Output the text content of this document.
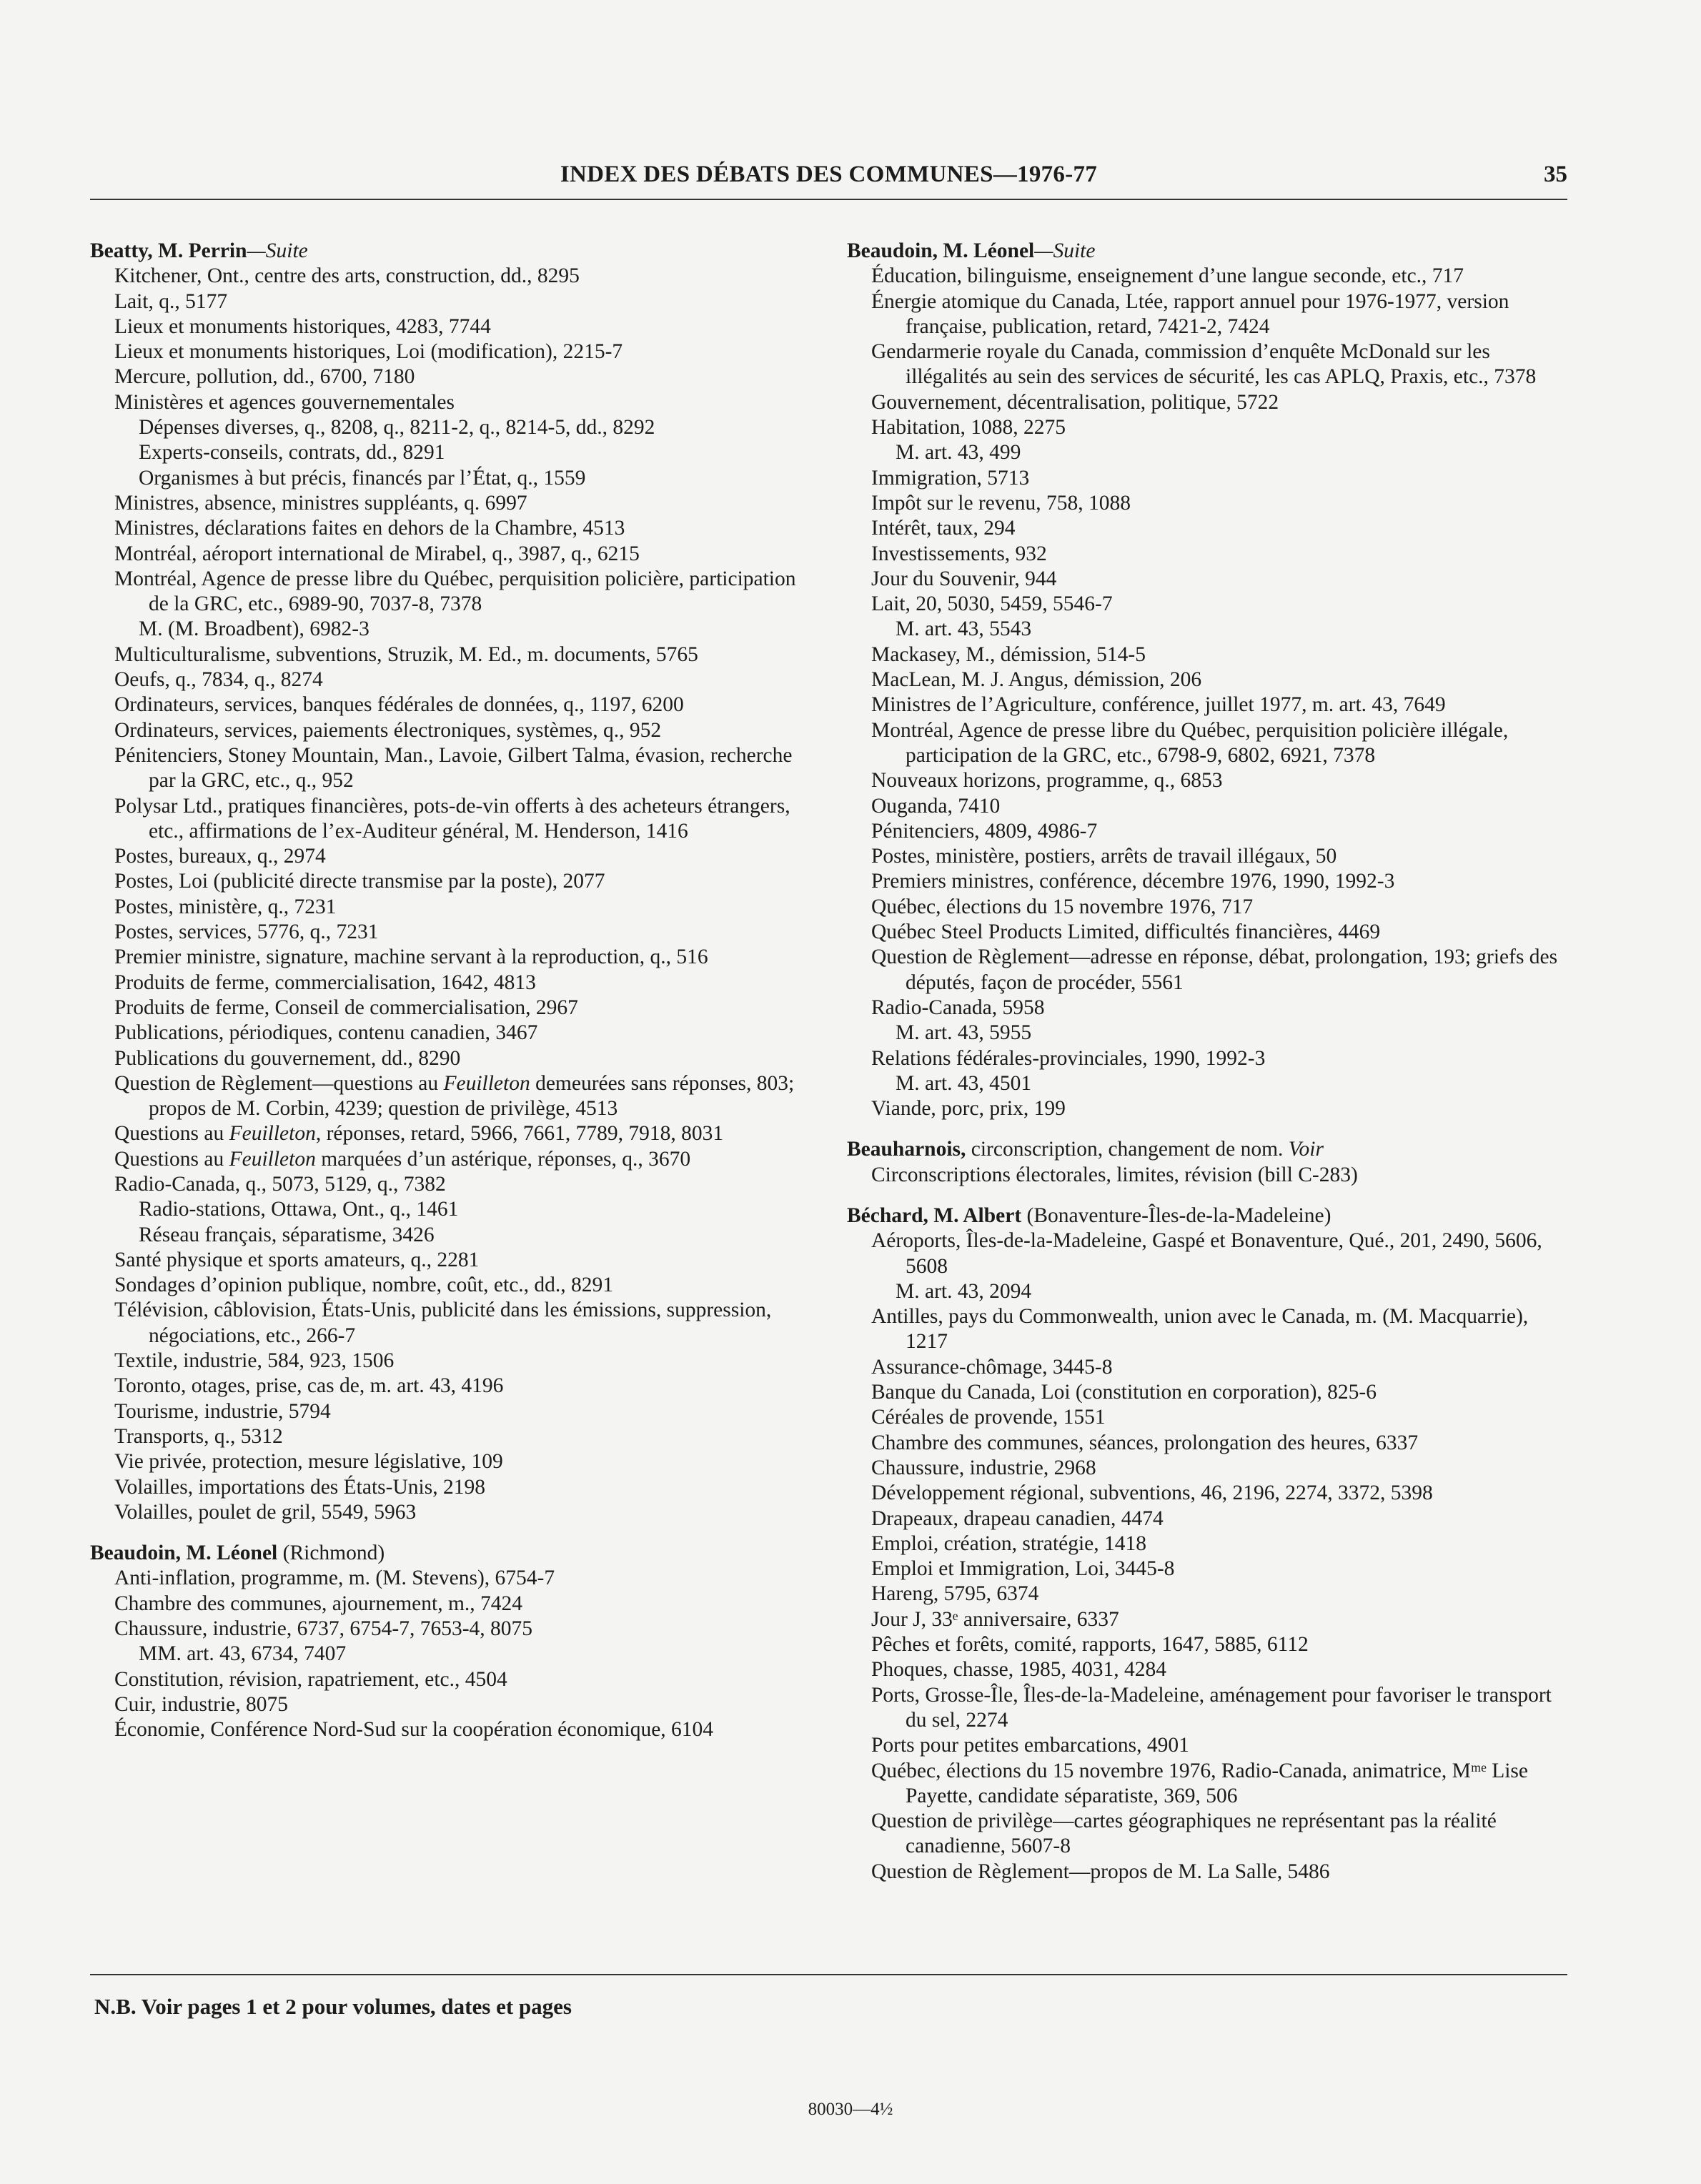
INDEX DES DÉBATS DES COMMUNES—1976-77	35

Beatty, M. Perrin—Suite

Kitchener, Ont., centre des arts, construction, dd., 8295

Lait, q., 5177

Lieux et monuments historiques, 4283, 7744

Lieux et monuments historiques, Loi (modification), 2215-7

Mercure, pollution, dd., 6700, 7180

Ministères et agences gouvernementales

Dépenses diverses, q., 8208, q., 8211-2, q., 8214-5, dd., 8292

Experts-conseils, contrats, dd., 8291

Organismes à but précis, financés par l’État, q., 1559

Ministres, absence, ministres suppléants, q. 6997

Ministres, déclarations faites en dehors de la Chambre, 4513

Montréal, aéroport international de Mirabel, q., 3987, q., 6215

Montréal, Agence de presse libre du Québec, perquisition policière, participation de la GRC, etc., 6989-90, 7037-8, 7378

M. (M. Broadbent), 6982-3

Multiculturalisme, subventions, Struzik, M. Ed., m. documents, 5765

Oeufs, q., 7834, q., 8274

Ordinateurs, services, banques fédérales de données, q., 1197, 6200

Ordinateurs, services, paiements électroniques, systèmes, q., 952

Pénitenciers, Stoney Mountain, Man., Lavoie, Gilbert Talma, évasion, recherche par la GRC, etc., q., 952

Polysar Ltd., pratiques financières, pots-de-vin offerts à des acheteurs étrangers, etc., affirmations de l’ex-Auditeur général, M. Henderson, 1416

Postes, bureaux, q., 2974

Postes, Loi (publicité directe transmise par la poste), 2077

Postes, ministère, q., 7231

Postes, services, 5776, q., 7231

Premier ministre, signature, machine servant à la reproduction, q., 516

Produits de ferme, commercialisation, 1642, 4813

Produits de ferme, Conseil de commercialisation, 2967

Publications, périodiques, contenu canadien, 3467

Publications du gouvernement, dd., 8290

Question de Règlement—questions au Feuilleton demeurées sans réponses, 803; propos de M. Corbin, 4239; question de privilège, 4513

Questions au Feuilleton, réponses, retard, 5966, 7661, 7789, 7918, 8031

Questions au Feuilleton marquées d’un astérique, réponses, q., 3670

Radio-Canada, q., 5073, 5129, q., 7382

Radio-stations, Ottawa, Ont., q., 1461

Réseau français, séparatisme, 3426

Santé physique et sports amateurs, q., 2281

Sondages d’opinion publique, nombre, coût, etc., dd., 8291

Télévision, câblovision, États-Unis, publicité dans les émissions, suppression, négociations, etc., 266-7

Textile, industrie, 584, 923, 1506

Toronto, otages, prise, cas de, m. art. 43, 4196

Tourisme, industrie, 5794

Transports, q., 5312

Vie privée, protection, mesure législative, 109

Volailles, importations des États-Unis, 2198

Volailles, poulet de gril, 5549, 5963

Beaudoin, M. Léonel (Richmond)

Anti-inflation, programme, m. (M. Stevens), 6754-7

Chambre des communes, ajournement, m., 7424

Chaussure, industrie, 6737, 6754-7, 7653-4, 8075

MM. art. 43, 6734, 7407

Constitution, révision, rapatriement, etc., 4504

Cuir, industrie, 8075

Économie, Conférence Nord-Sud sur la coopération économique, 6104

Beaudoin, M. Léonel—Suite

Éducation, bilinguisme, enseignement d’une langue seconde, etc., 717

Énergie atomique du Canada, Ltée, rapport annuel pour 1976-1977, version française, publication, retard, 7421-2, 7424

Gendarmerie royale du Canada, commission d’enquête McDonald sur les illégalités au sein des services de sécurité, les cas APLQ, Praxis, etc., 7378

Gouvernement, décentralisation, politique, 5722

Habitation, 1088, 2275

M. art. 43, 499

Immigration, 5713

Impôt sur le revenu, 758, 1088

Intérêt, taux, 294

Investissements, 932

Jour du Souvenir, 944

Lait, 20, 5030, 5459, 5546-7

M. art. 43, 5543

Mackasey, M., démission, 514-5

MacLean, M. J. Angus, démission, 206

Ministres de l’Agriculture, conférence, juillet 1977, m. art. 43, 7649

Montréal, Agence de presse libre du Québec, perquisition policière illégale, participation de la GRC, etc., 6798-9, 6802, 6921, 7378

Nouveaux horizons, programme, q., 6853

Ouganda, 7410

Pénitenciers, 4809, 4986-7

Postes, ministère, postiers, arrêts de travail illégaux, 50

Premiers ministres, conférence, décembre 1976, 1990, 1992-3

Québec, élections du 15 novembre 1976, 717

Québec Steel Products Limited, difficultés financières, 4469

Question de Règlement—adresse en réponse, débat, prolongation, 193; griefs des députés, façon de procéder, 5561

Radio-Canada, 5958

M. art. 43, 5955

Relations fédérales-provinciales, 1990, 1992-3

M. art. 43, 4501

Viande, porc, prix, 199

Beauharnois, circonscription, changement de nom. Voir

Circonscriptions électorales, limites, révision (bill C-283)

Béchard, M. Albert (Bonaventure-Îles-de-la-Madeleine)

Aéroports, Îles-de-la-Madeleine, Gaspé et Bonaventure, Qué., 201, 2490, 5606, 5608

M. art. 43, 2094

Antilles, pays du Commonwealth, union avec le Canada, m. (M. Macquarrie), 1217

Assurance-chômage, 3445-8

Banque du Canada, Loi (constitution en corporation), 825-6

Céréales de provende, 1551

Chambre des communes, séances, prolongation des heures, 6337

Chaussure, industrie, 2968

Développement régional, subventions, 46, 2196, 2274, 3372, 5398

Drapeaux, drapeau canadien, 4474

Emploi, création, stratégie, 1418

Emploi et Immigration, Loi, 3445-8

Hareng, 5795, 6374

Jour J, 33ᵉ anniversaire, 6337

Pêches et forêts, comité, rapports, 1647, 5885, 6112

Phoques, chasse, 1985, 4031, 4284

Ports, Grosse-Île, Îles-de-la-Madeleine, aménagement pour favoriser le transport du sel, 2274

Ports pour petites embarcations, 4901

Québec, élections du 15 novembre 1976, Radio-Canada, animatrice, Mᵐᵉ Lise Payette, candidate séparatiste, 369, 506

Question de privilège—cartes géographiques ne représentant pas la réalité canadienne, 5607-8

Question de Règlement—propos de M. La Salle, 5486

N.B. Voir pages 1 et 2 pour volumes, dates et pages
80030—4½
